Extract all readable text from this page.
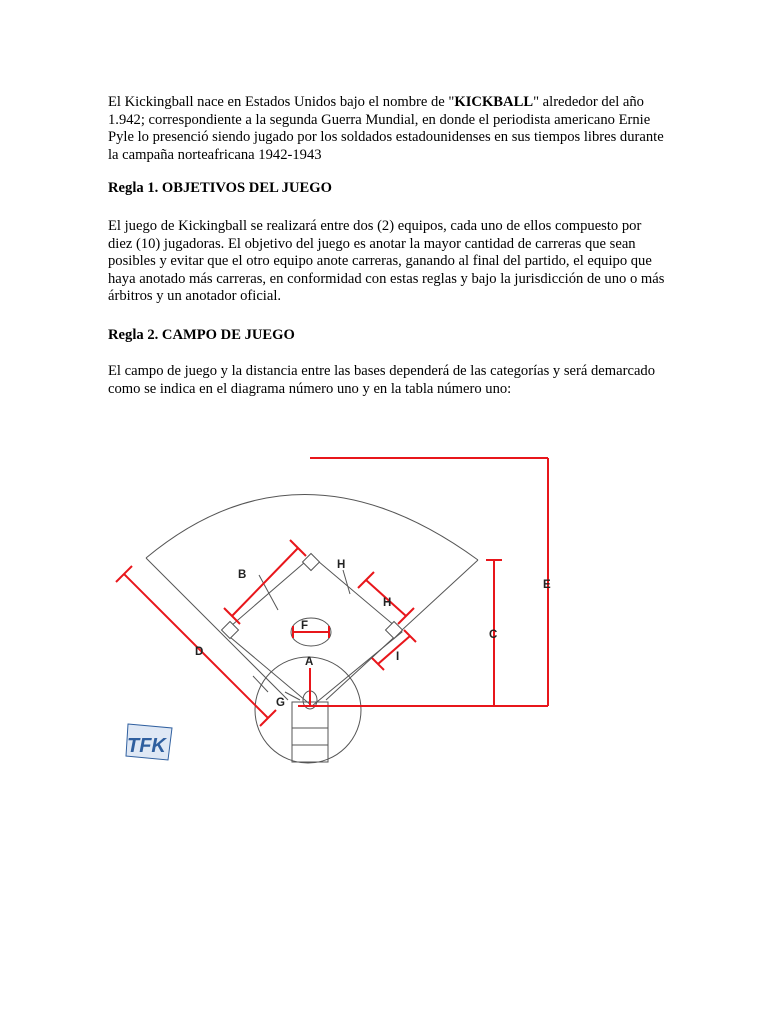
El Kickingball nace en Estados Unidos bajo el nombre de "KICKBALL" alrededor del año 1.942; correspondiente a la segunda Guerra Mundial, en donde el periodista americano Ernie Pyle lo presenció siendo jugado por los soldados estadounidenses en sus tiempos libres durante la campaña norteafricana 1942-1943

Regla 1. OBJETIVOS DEL JUEGO

El juego de Kickingball se realizará entre dos (2) equipos, cada uno de ellos compuesto por diez (10) jugadoras. El objetivo del juego es anotar la mayor cantidad de carreras que sean posibles y evitar que el otro equipo anote carreras, ganando al final del partido, el equipo que haya anotado más carreras, en conformidad con estas reglas y bajo la jurisdicción de uno o más árbitros y un anotador oficial.

Regla 2. CAMPO DE JUEGO

El campo de juego y la distancia entre las bases dependerá de las categorías y será demarcado como se indica en el diagrama número uno y en la tabla número uno:

E
C
D
B
H
H
I
F
A
G
TFK
